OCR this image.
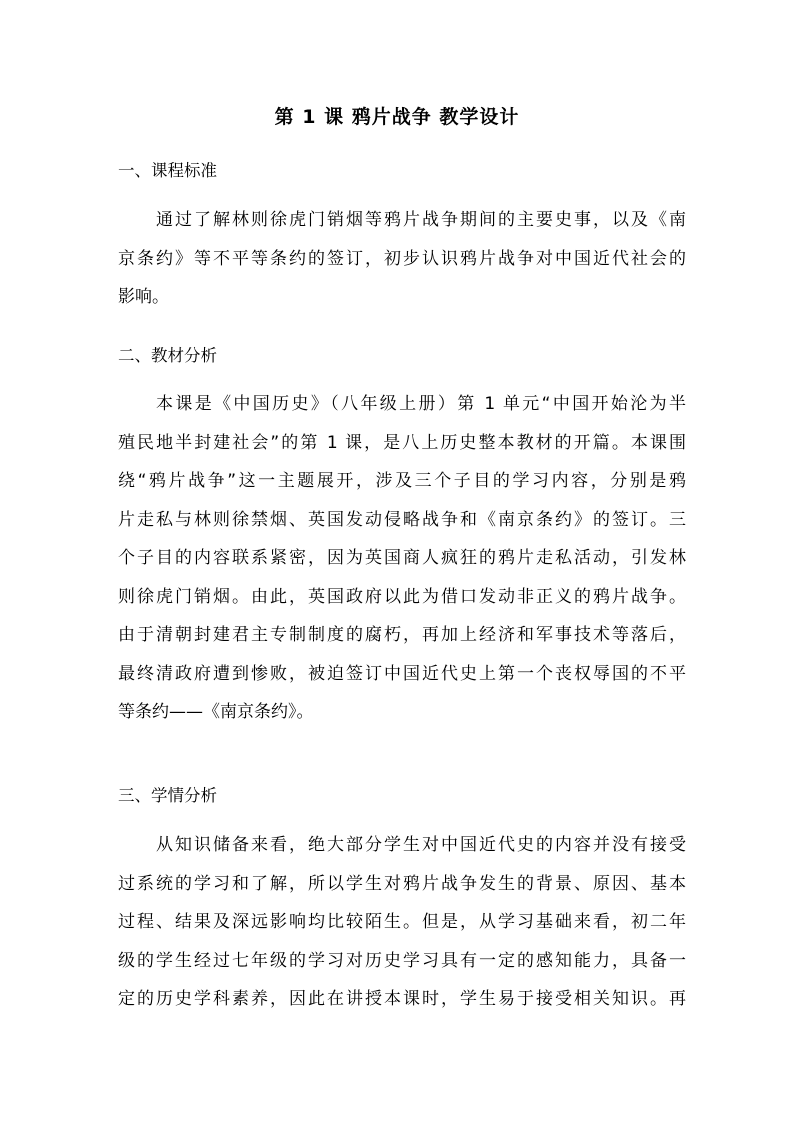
第 1 课 鸦片战争 教学设计
一、课程标准
通过了解林则徐虎门销烟等鸦片战争期间的主要史事，以及《南
京条约》等不平等条约的签订，初步认识鸦片战争对中国近代社会的
影响。
二、教材分析
本课是《中国历史》（八年级上册）第 1 单元“中国开始沦为半
殖民地半封建社会”的第 1 课，是八上历史整本教材的开篇。本课围
绕“鸦片战争”这一主题展开，涉及三个子目的学习内容，分别是鸦
片走私与林则徐禁烟、英国发动侵略战争和《南京条约》的签订。三
个子目的内容联系紧密，因为英国商人疯狂的鸦片走私活动，引发林
则徐虎门销烟。由此，英国政府以此为借口发动非正义的鸦片战争。
由于清朝封建君主专制制度的腐朽，再加上经济和军事技术等落后，
最终清政府遭到惨败，被迫签订中国近代史上第一个丧权辱国的不平
等条约——《南京条约》。
三、学情分析
从知识储备来看，绝大部分学生对中国近代史的内容并没有接受
过系统的学习和了解，所以学生对鸦片战争发生的背景、原因、基本
过程、结果及深远影响均比较陌生。但是，从学习基础来看，初二年
级的学生经过七年级的学习对历史学习具有一定的感知能力，具备一
定的历史学科素养，因此在讲授本课时，学生易于接受相关知识。再
